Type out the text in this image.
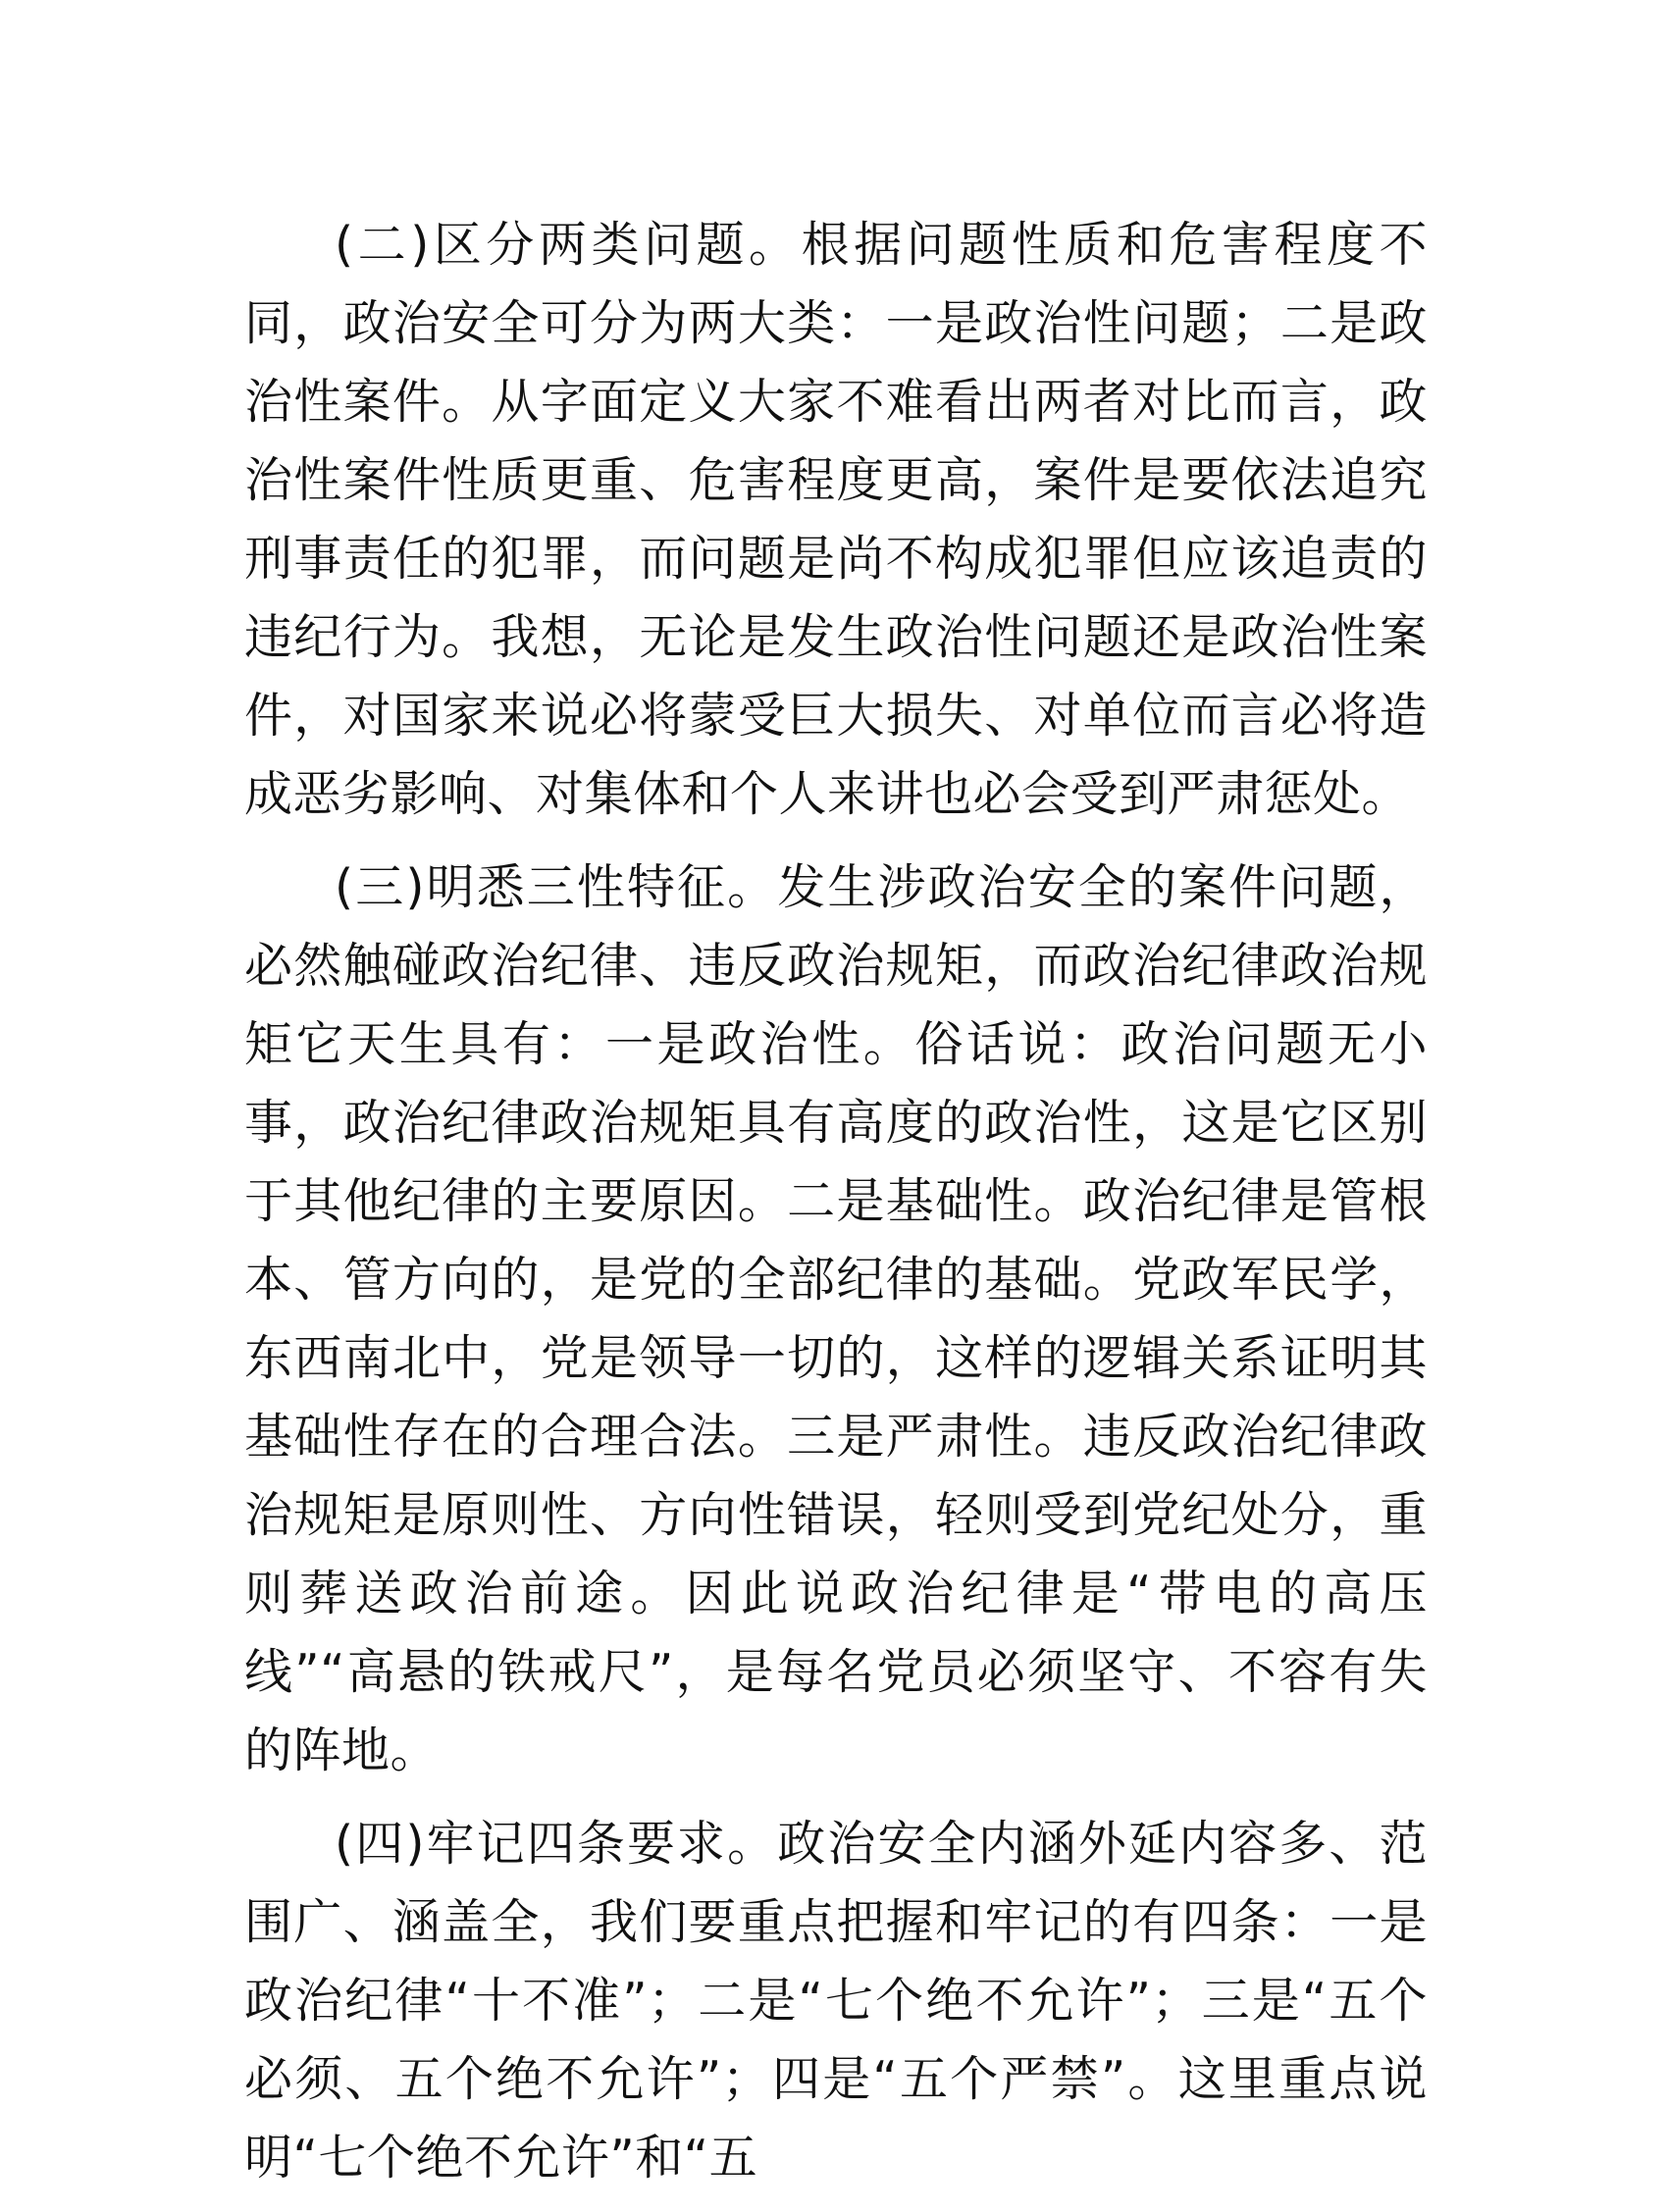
(二)区分两类问题。根据问题性质和危害程度不同，政治安全可分为两大类：一是政治性问题；二是政治性案件。从字面定义大家不难看出两者对比而言，政治性案件性质更重、危害程度更高，案件是要依法追究刑事责任的犯罪，而问题是尚不构成犯罪但应该追责的违纪行为。我想，无论是发生政治性问题还是政治性案件，对国家来说必将蒙受巨大损失、对单位而言必将造成恶劣影响、对集体和个人来讲也必会受到严肃惩处。

(三)明悉三性特征。发生涉政治安全的案件问题，必然触碰政治纪律、违反政治规矩，而政治纪律政治规矩它天生具有：一是政治性。俗话说：政治问题无小事，政治纪律政治规矩具有高度的政治性，这是它区别于其他纪律的主要原因。二是基础性。政治纪律是管根本、管方向的，是党的全部纪律的基础。党政军民学，东西南北中，党是领导一切的，这样的逻辑关系证明其基础性存在的合理合法。三是严肃性。违反政治纪律政治规矩是原则性、方向性错误，轻则受到党纪处分，重则葬送政治前途。因此说政治纪律是“带电的高压线”“高悬的铁戒尺”，是每名党员必须坚守、不容有失的阵地。

(四)牢记四条要求。政治安全内涵外延内容多、范围广、涵盖全，我们要重点把握和牢记的有四条：一是政治纪律“十不准”；二是“七个绝不允许”；三是“五个必须、五个绝不允许”；四是“五个严禁”。这里重点说明“七个绝不允许”和“五
